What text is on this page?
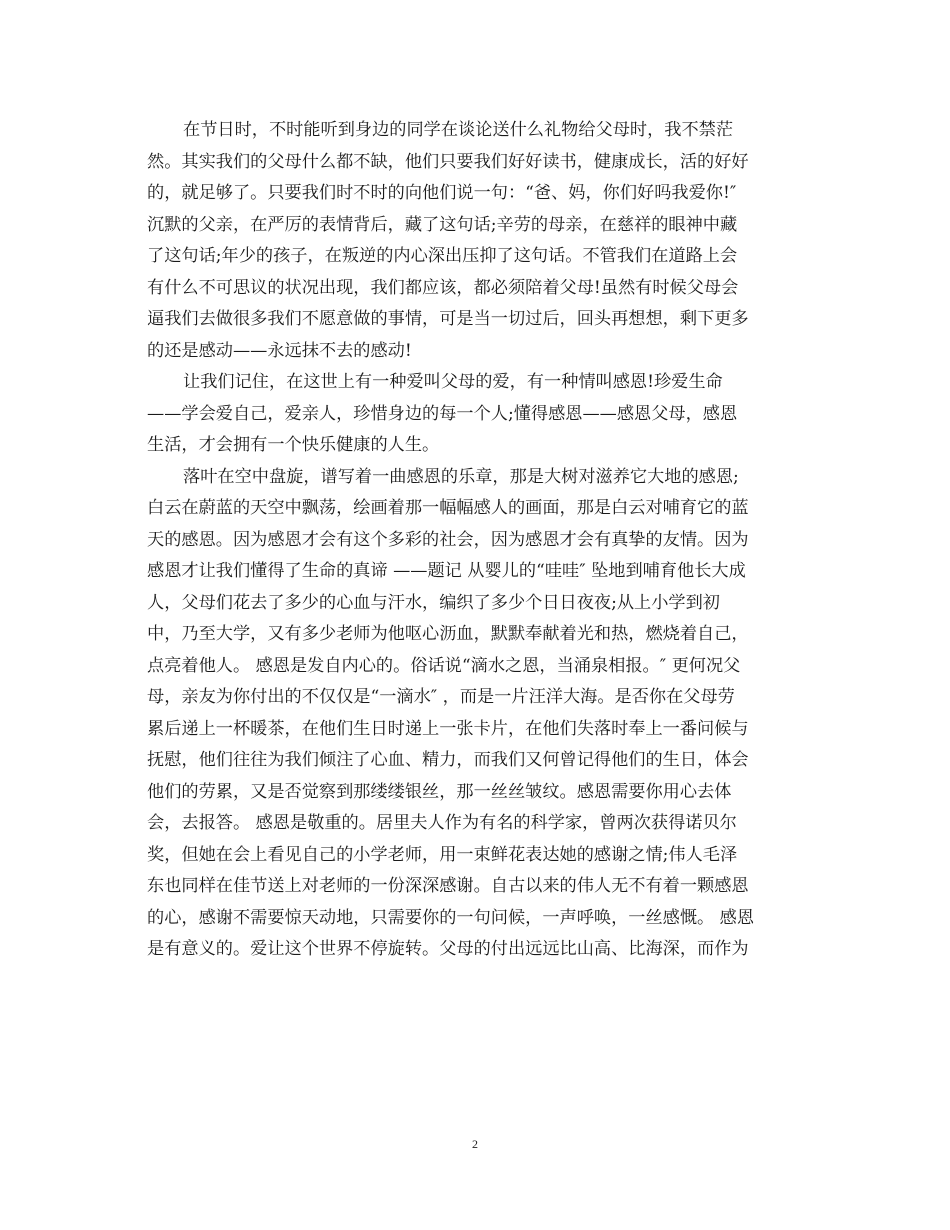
在节日时，不时能听到身边的同学在谈论送什么礼物给父母时，我不禁茫
然。其实我们的父母什么都不缺，他们只要我们好好读书，健康成长，活的好好
的，就足够了。只要我们时不时的向他们说一句：“爸、妈，你们好吗我爱你!″
沉默的父亲，在严厉的表情背后，藏了这句话;辛劳的母亲，在慈祥的眼神中藏
了这句话;年少的孩子，在叛逆的内心深出压抑了这句话。不管我们在道路上会
有什么不可思议的状况出现，我们都应该，都必须陪着父母!虽然有时候父母会
逼我们去做很多我们不愿意做的事情，可是当一切过后，回头再想想，剩下更多
的还是感动——永远抹不去的感动!
让我们记住，在这世上有一种爱叫父母的爱，有一种情叫感恩!珍爱生命
——学会爱自己，爱亲人，珍惜身边的每一个人;懂得感恩——感恩父母，感恩
生活，才会拥有一个快乐健康的人生。
落叶在空中盘旋，谱写着一曲感恩的乐章，那是大树对滋养它大地的感恩;
白云在蔚蓝的天空中飘荡，绘画着那一幅幅感人的画面，那是白云对哺育它的蓝
天的感恩。因为感恩才会有这个多彩的社会，因为感恩才会有真挚的友情。因为
感恩才让我们懂得了生命的真谛 ——题记 从婴儿的“哇哇″ 坠地到哺育他长大成
人，父母们花去了多少的心血与汗水，编织了多少个日日夜夜;从上小学到初
中，乃至大学，又有多少老师为他呕心沥血，默默奉献着光和热，燃烧着自己，
点亮着他人。 感恩是发自内心的。俗话说“滴水之恩，当涌泉相报。″ 更何况父
母，亲友为你付出的不仅仅是“一滴水″ ，而是一片汪洋大海。是否你在父母劳
累后递上一杯暖茶，在他们生日时递上一张卡片，在他们失落时奉上一番问候与
抚慰，他们往往为我们倾注了心血、精力，而我们又何曾记得他们的生日，体会
他们的劳累，又是否觉察到那缕缕银丝，那一丝丝皱纹。感恩需要你用心去体
会，去报答。 感恩是敬重的。居里夫人作为有名的科学家，曾两次获得诺贝尔
奖，但她在会上看见自己的小学老师，用一束鲜花表达她的感谢之情;伟人毛泽
东也同样在佳节送上对老师的一份深深感谢。自古以来的伟人无不有着一颗感恩
的心，感谢不需要惊天动地，只需要你的一句问候，一声呼唤，一丝感慨。 感恩
是有意义的。爱让这个世界不停旋转。父母的付出远远比山高、比海深，而作为
2
